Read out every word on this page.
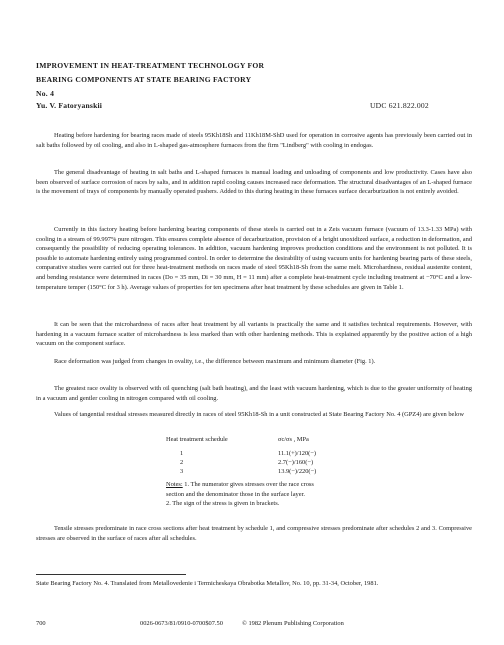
IMPROVEMENT IN HEAT-TREATMENT TECHNOLOGY FOR
BEARING COMPONENTS AT STATE BEARING FACTORY
No. 4
Yu. V. Fatoryanskii	UDC 621.822.002

Heating before hardening for bearing races made of steels 95Kh18Sh and 11Kh18M-ShD used for operation in corrosive agents has previously been carried out in salt baths followed by oil cooling, and also in L-shaped gas-atmosphere furnaces from the firm "Lindberg" with cooling in endogas.

The general disadvantage of heating in salt baths and L-shaped furnaces is manual loading and unloading of components and low productivity. Cases have also been observed of surface corrosion of races by salts, and in addition rapid cooling causes increased race deformation. The structural disadvantages of an L-shaped furnace is the movement of trays of components by manually operated pushers. Added to this during heating in these furnaces surface decarburization is not entirely avoided.

Currently in this factory heating before hardening bearing components of these steels is carried out in a Zeis vacuum furnace (vacuum of 13.3-1.33 MPa) with cooling in a stream of 99.997% pure nitrogen. This ensures complete absence of decarburization, provision of a bright unoxidized surface, a reduction in deformation, and consequently the possibility of reducing operating tolerances. In addition, vacuum hardening improves production conditions and the environment is not polluted. It is possible to automate hardening entirely using programmed control. In order to determine the desirability of using vacuum units for hardening bearing parts of these steels, comparative studies were carried out for three heat-treatment methods on races made of steel 95Kh18-Sh from the same melt. Microhardness, residual austenite content, and bending resistance were determined in races (Do = 35 mm, Di = 30 mm, H = 11 mm) after a complete heat-treatment cycle including treatment at −70°C and a low-temperature temper (150°C for 3 h). Average values of properties for ten specimens after heat treatment by these schedules are given in Table 1.

It can be seen that the microhardness of races after heat treatment by all variants is practically the same and it satisfies technical requirements. However, with hardening in a vacuum furnace scatter of microhardness is less marked than with other hardening methods. This is explained apparently by the positive action of a high vacuum on the component surface.

Race deformation was judged from changes in ovality, i.e., the difference between maximum and minimum diameter (Fig. 1).

The greatest race ovality is observed with oil quenching (salt bath heating), and the least with vacuum hardening, which is due to the greater uniformity of heating in a vacuum and gentler cooling in nitrogen compared with oil cooling.

Values of tangential residual stresses measured directly in races of steel 95Kh18-Sh in a unit constructed at State Bearing Factory No. 4 (GPZ4) are given below

Heat treatment schedule	σc/σs , MPa
1	11.1(+)/120(−)
2	2.7(−)/160(−)
3	13.9(−)/220(−)
Notes: 1. The numerator gives stresses over the race cross section and the denominator those in the surface layer.
2. The sign of the stress is given in brackets.

Tensile stresses predominate in race cross sections after heat treatment by schedule 1, and compressive stresses predominate after schedules 2 and 3. Compressive stresses are observed in the surface of races after all schedules.

State Bearing Factory No. 4. Translated from Metallovedenie i Termicheskaya Obrabotka Metallov, No. 10, pp. 31-34, October, 1981.
700	0026-0673/81/0910-0700$07.50	© 1982 Plenum Publishing Corporation
